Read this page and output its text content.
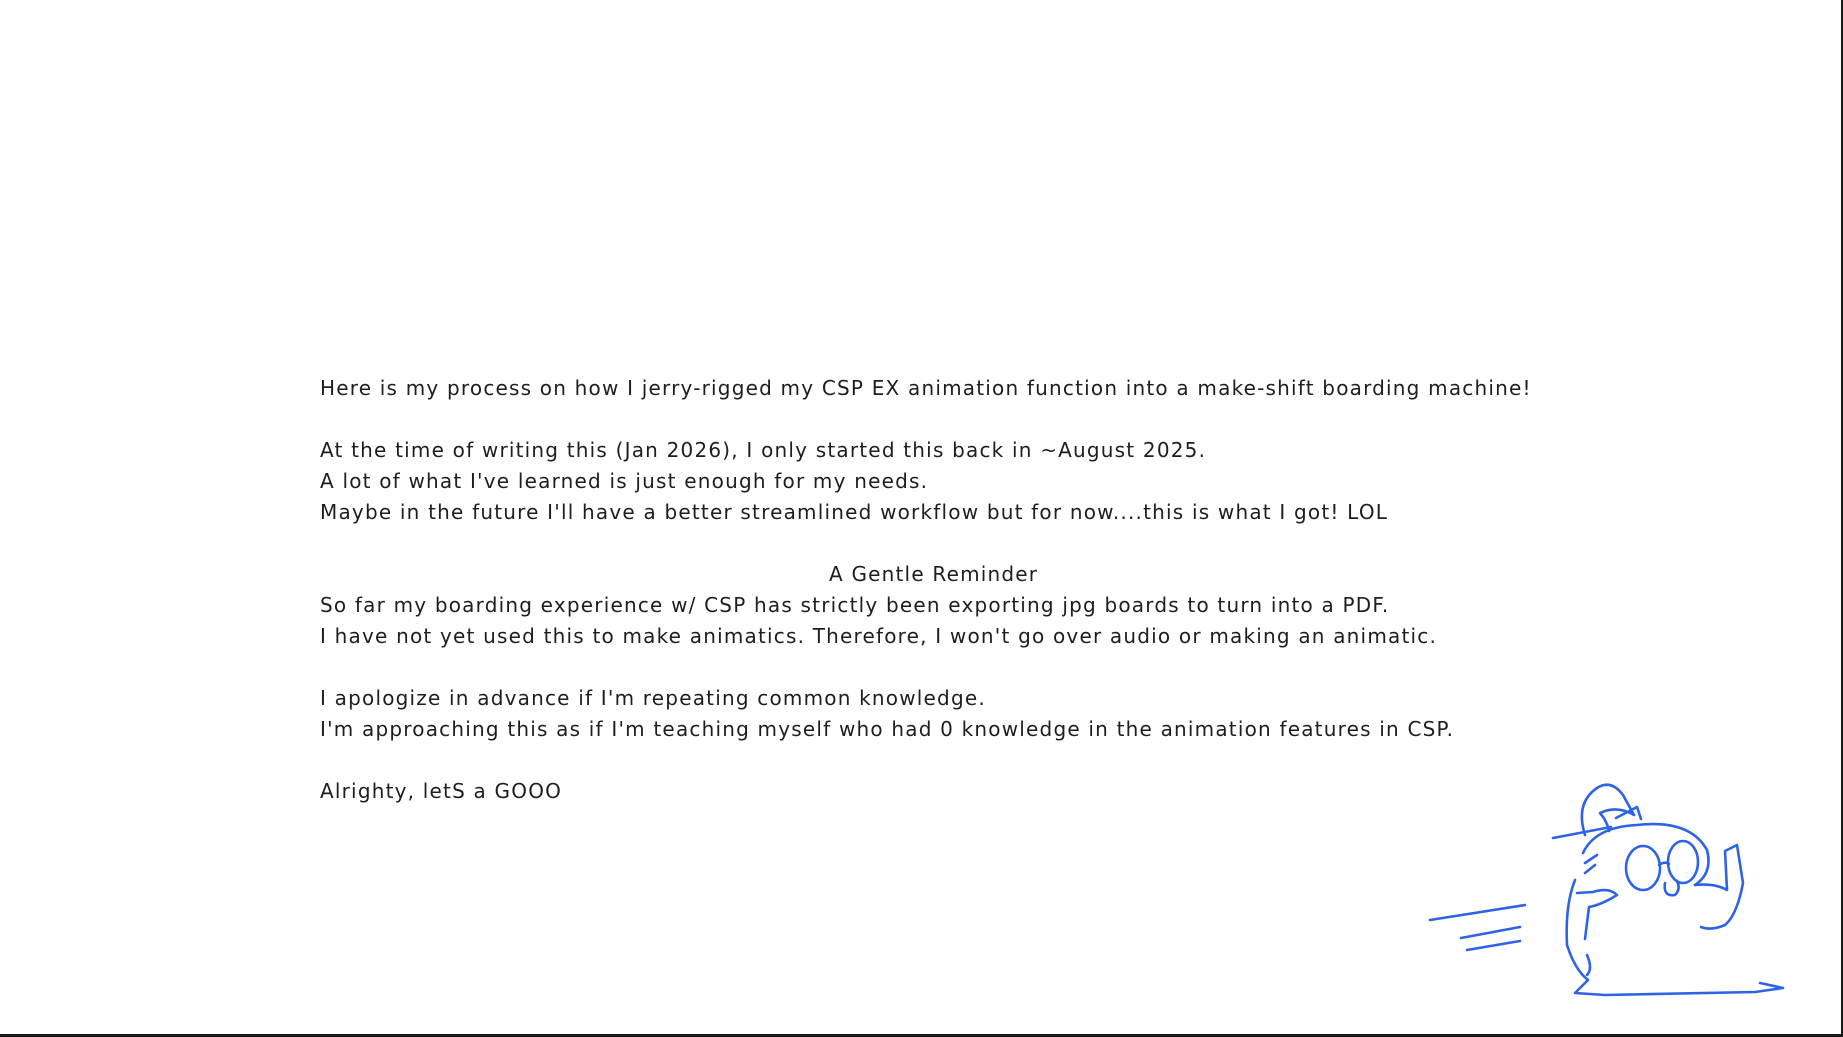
Here is my process on how I jerry-rigged my CSP EX animation function into a make-shift boarding machine!
At the time of writing this (Jan 2026), I only started this back in ~August 2025.
A lot of what I've learned is just enough for my needs.
Maybe in the future I'll have a better streamlined workflow but for now....this is what I got! LOL
A Gentle Reminder
So far my boarding experience w/ CSP has strictly been exporting jpg boards to turn into a PDF.
I have not yet used this to make animatics. Therefore, I won't go over audio or making an animatic.
I apologize in advance if I'm repeating common knowledge.
I'm approaching this as if I'm teaching myself who had 0 knowledge in the animation features in CSP.
Alrighty, letS a GOOO
